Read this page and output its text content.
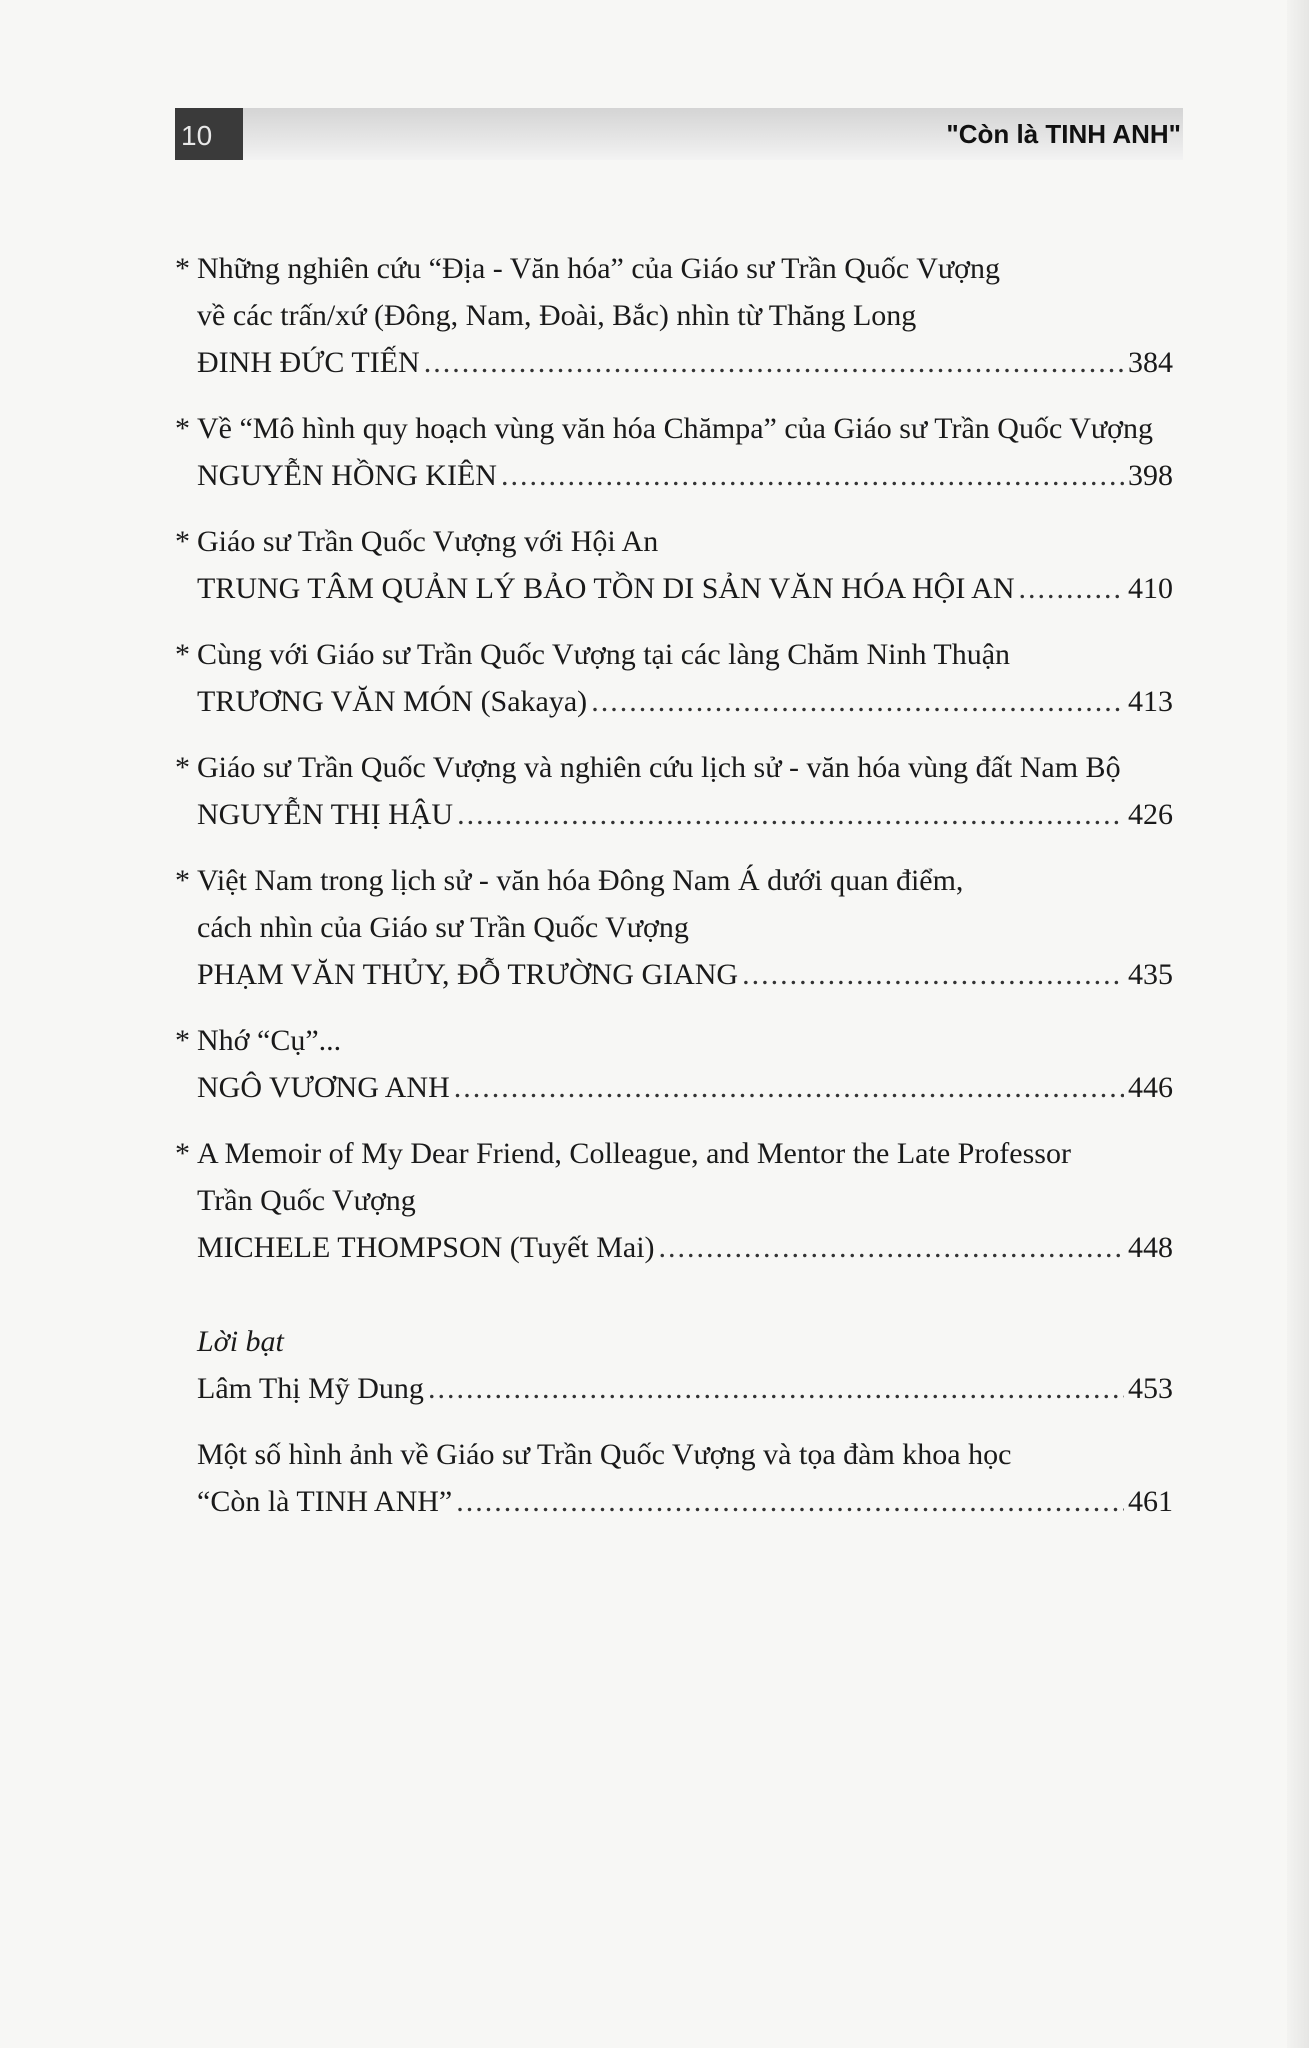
10	"Còn là TINH ANH"
* Những nghiên cứu “Địa - Văn hóa” của Giáo sư Trần Quốc Vượng
về các trấn/xứ (Đông, Nam, Đoài, Bắc) nhìn từ Thăng Long
ĐINH ĐỨC TIẾN .....	384
* Về “Mô hình quy hoạch vùng văn hóa Chămpa” của Giáo sư Trần Quốc Vượng
NGUYỄN HỒNG KIÊN .....	398
* Giáo sư Trần Quốc Vượng với Hội An
TRUNG TÂM QUẢN LÝ BẢO TỒN DI SẢN VĂN HÓA HỘI AN .....	410
* Cùng với Giáo sư Trần Quốc Vượng tại các làng Chăm Ninh Thuận
TRƯƠNG VĂN MÓN (Sakaya) .....	413
* Giáo sư Trần Quốc Vượng và nghiên cứu lịch sử - văn hóa vùng đất Nam Bộ
NGUYỄN THỊ HẬU .....	426
* Việt Nam trong lịch sử - văn hóa Đông Nam Á dưới quan điểm,
cách nhìn của Giáo sư Trần Quốc Vượng
PHẠM VĂN THỦY, ĐỖ TRƯỜNG GIANG .....	435
* Nhớ “Cụ”...
NGÔ VƯƠNG ANH .....	446
* A Memoir of My Dear Friend, Colleague, and Mentor the Late Professor
Trần Quốc Vượng
MICHELE THOMPSON (Tuyết Mai) .....	448
Lời bạt
Lâm Thị Mỹ Dung .....	453
Một số hình ảnh về Giáo sư Trần Quốc Vượng và tọa đàm khoa học
“Còn là TINH ANH” .....	461
